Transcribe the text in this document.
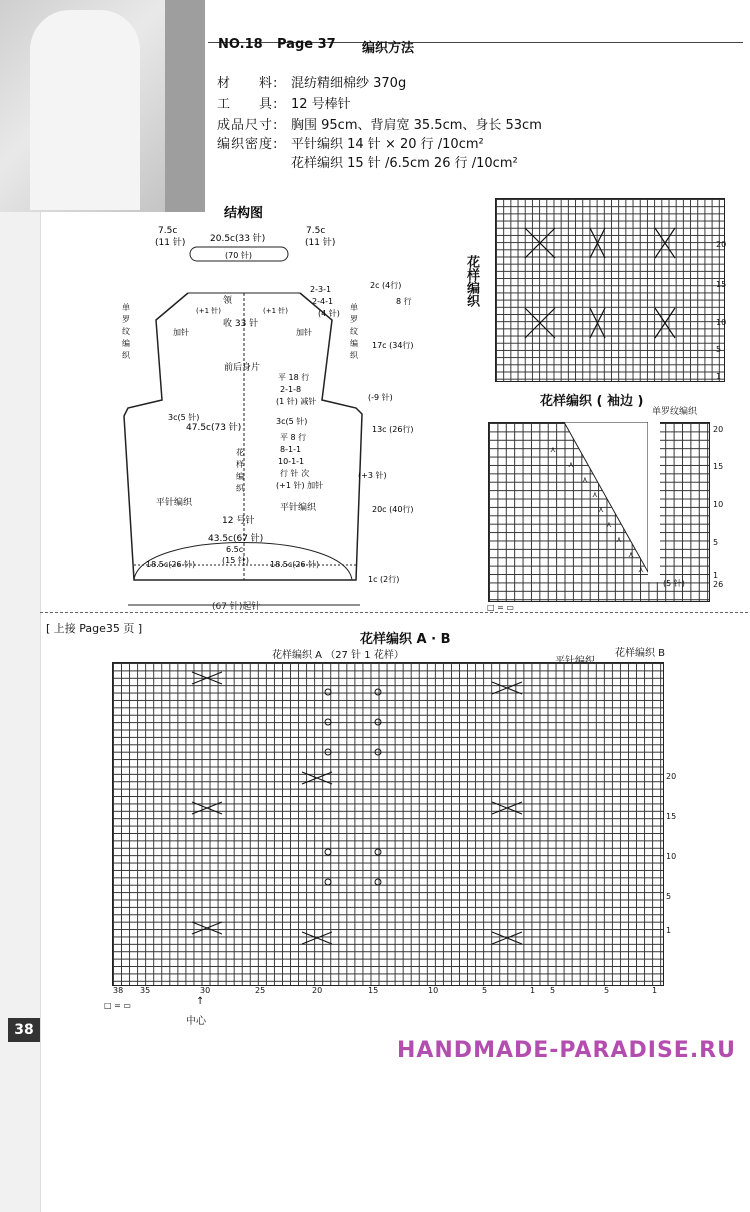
NO.18 Page 37 编织方法
材　　料: 混纺精细棉纱 370g
工　　具: 12 号棒针
成品尺寸: 胸围 95cm、背肩宽 35.5cm、身长 53cm
编织密度: 平针编织 14 针 × 20 行 /10cm²
花样编织 15 针 /6.5cm 26 行 /10cm²
结构图
7.5c
(11 针)	20.5c(33 针)
7.5c
(11 针)
(70 针)
领
(+1 针)	(+1 针)
加针	加针
收 33 针
2-3-1
2-4-1
(4 针)
单
罗
纹
编
织
单
罗
纹
编
织
2c (4行)
8 行
17c (34行)
(-9 针)
13c (26行)
(+3 针)
20c (40行)
1c (2行)
前后身片
平 18 行
2-1-8
(1 针) 减针
3c(5 针)	3c(5 针)
47.5c(73 针)
花
样
编
织
平 8 行
8-1-1
10-1-1
行 针 次
(+1 针) 加针
平针编织	平针编织
12 号针
43.5c(67 针)
6.5c
(15 针)
18.5c(26 针)	18.5c(26 针)
(67 针)起针
花样编织
20
15
10
5
1
花样编织 ( 袖边 )
单罗纹编织
⋏
⋏
⋏
⋏
⋏
⋏
⋏
⋏
⋏
20
15
10
5
1
26
(5 针)
□ = ▭
[ 上接 Page35 页 ]
花样编织 A · B
花样编织 A （27 针 1 花样）	花样编织 B
20
15
10
5
1
38 35	30	25	20	15	10	5	1 5	5	1
□ = ▭	↑
中心
38
HANDMADE-PARADISE.RU
